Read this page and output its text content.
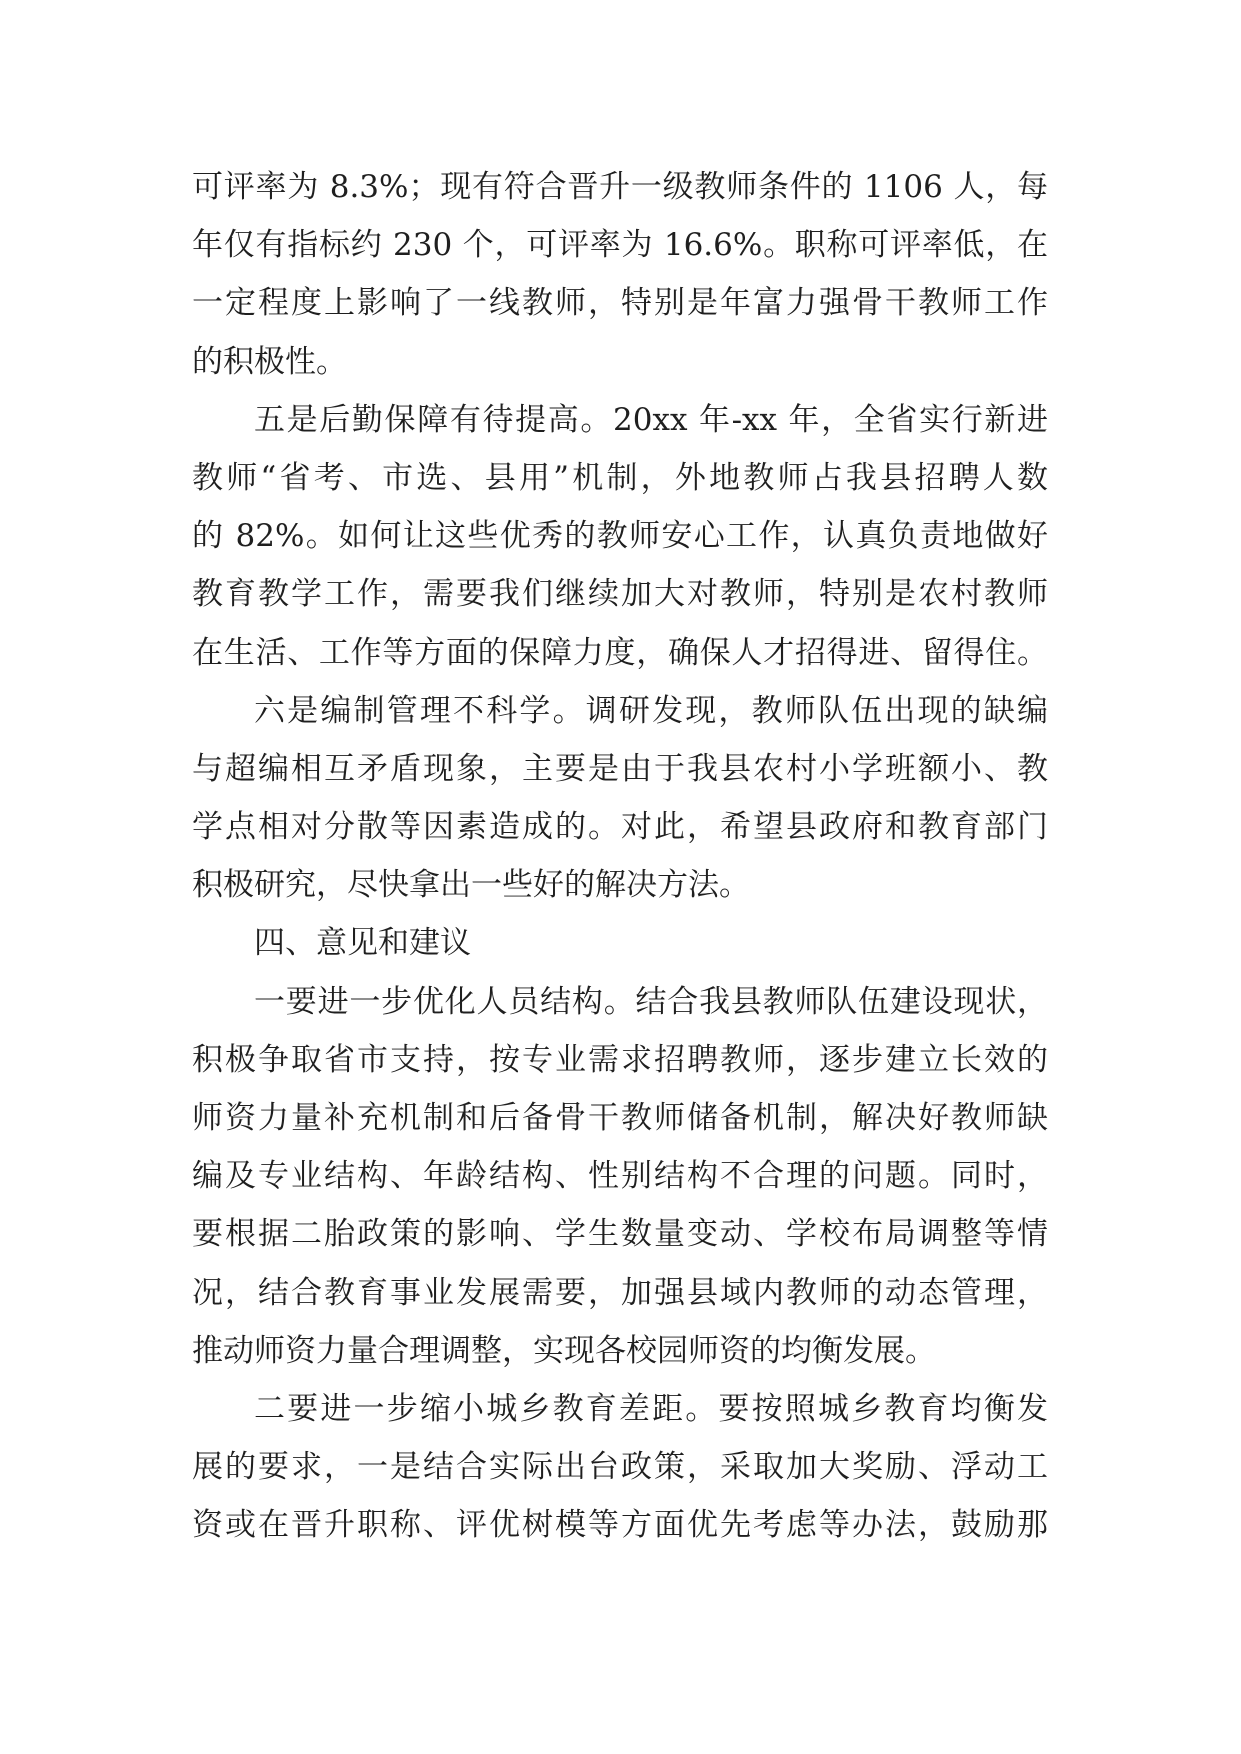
可评率为 8.3%；现有符合晋升一级教师条件的 1106 人，每
年仅有指标约 230 个，可评率为 16.6%。职称可评率低，在
一定程度上影响了一线教师，特别是年富力强骨干教师工作
的积极性。
五是后勤保障有待提高。20xx 年-xx 年，全省实行新进
教师“省考、市选、县用”机制，外地教师占我县招聘人数
的 82%。如何让这些优秀的教师安心工作，认真负责地做好
教育教学工作，需要我们继续加大对教师，特别是农村教师
在生活、工作等方面的保障力度，确保人才招得进、留得住。
六是编制管理不科学。调研发现，教师队伍出现的缺编
与超编相互矛盾现象，主要是由于我县农村小学班额小、教
学点相对分散等因素造成的。对此，希望县政府和教育部门
积极研究，尽快拿出一些好的解决方法。
四、意见和建议
一要进一步优化人员结构。结合我县教师队伍建设现状，
积极争取省市支持，按专业需求招聘教师，逐步建立长效的
师资力量补充机制和后备骨干教师储备机制，解决好教师缺
编及专业结构、年龄结构、性别结构不合理的问题。同时，
要根据二胎政策的影响、学生数量变动、学校布局调整等情
况，结合教育事业发展需要，加强县域内教师的动态管理，
推动师资力量合理调整，实现各校园师资的均衡发展。
二要进一步缩小城乡教育差距。要按照城乡教育均衡发
展的要求，一是结合实际出台政策，采取加大奖励、浮动工
资或在晋升职称、评优树模等方面优先考虑等办法，鼓励那
